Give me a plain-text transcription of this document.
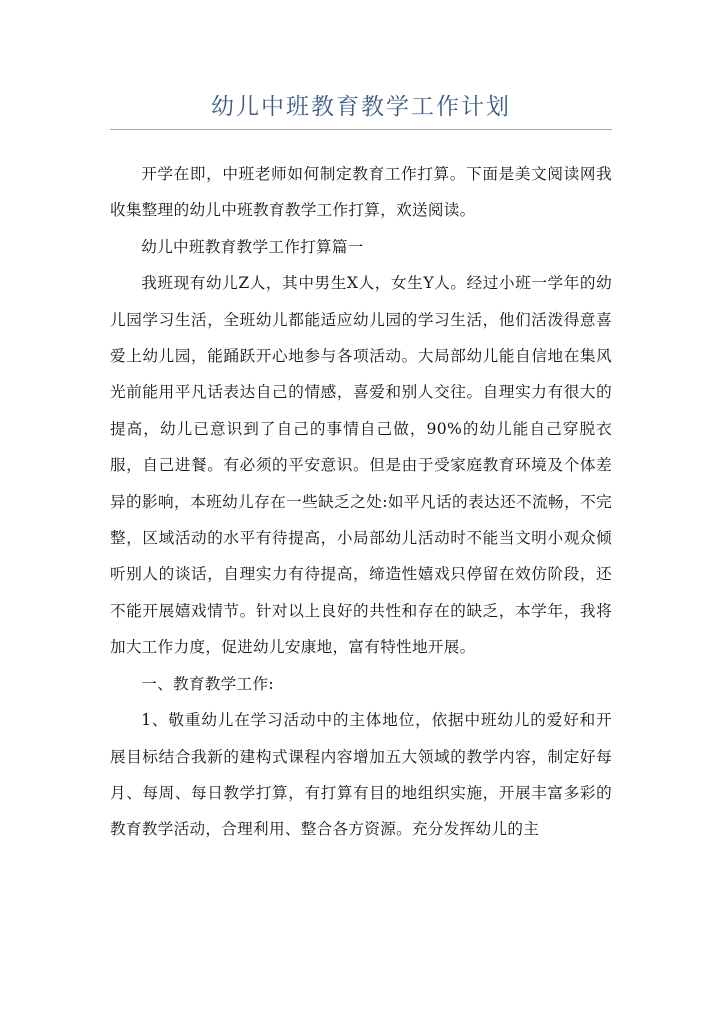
幼儿中班教育教学工作计划

开学在即，中班老师如何制定教育工作打算。下面是美文阅读网我收集整理的幼儿中班教育教学工作打算，欢送阅读。

幼儿中班教育教学工作打算篇一

我班现有幼儿Z人，其中男生X人，女生Y人。经过小班一学年的幼儿园学习生活，全班幼儿都能适应幼儿园的学习生活，他们活泼得意喜爱上幼儿园，能踊跃开心地参与各项活动。大局部幼儿能自信地在集风光前能用平凡话表达自己的情感，喜爱和别人交往。自理实力有很大的提高，幼儿已意识到了自己的事情自己做，90%的幼儿能自己穿脱衣服，自己进餐。有必须的平安意识。但是由于受家庭教育环境及个体差异的影响，本班幼儿存在一些缺乏之处:如平凡话的表达还不流畅，不完整，区域活动的水平有待提高，小局部幼儿活动时不能当文明小观众倾听别人的谈话，自理实力有待提高，缔造性嬉戏只停留在效仿阶段，还不能开展嬉戏情节。针对以上良好的共性和存在的缺乏，本学年，我将加大工作力度，促进幼儿安康地，富有特性地开展。

一、教育教学工作:

1、敬重幼儿在学习活动中的主体地位，依据中班幼儿的爱好和开展目标结合我新的建构式课程内容增加五大领域的教学内容，制定好每月、每周、每日教学打算，有打算有目的地组织实施，开展丰富多彩的教育教学活动，合理利用、整合各方资源。充分发挥幼儿的主
